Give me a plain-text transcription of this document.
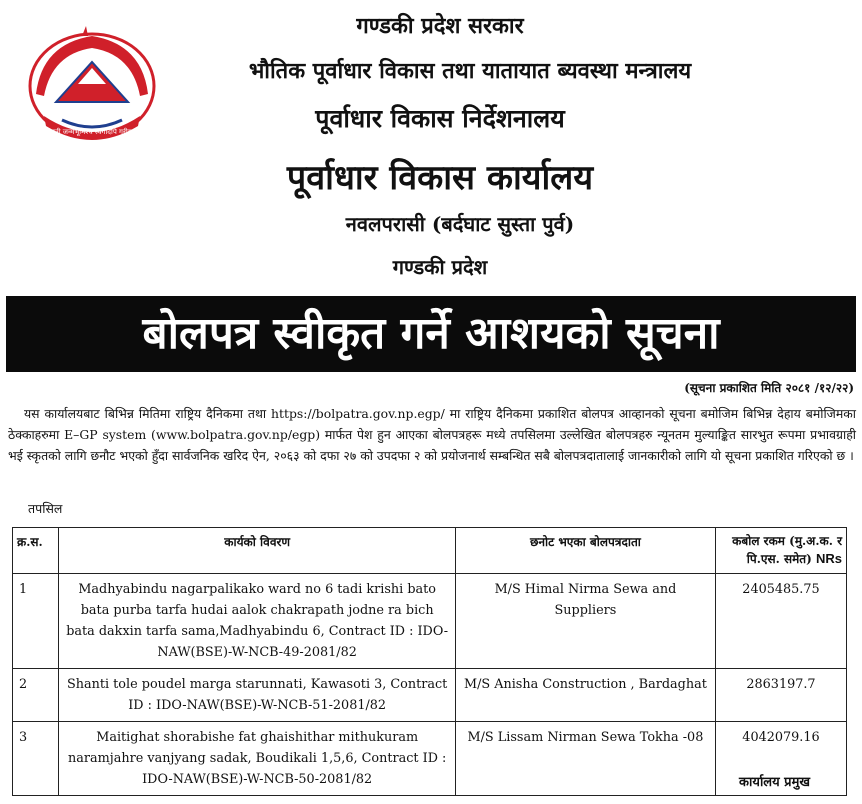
जननी जन्मभूमिश्च स्वर्गादपि गरीयसी
गण्डकी प्रदेश सरकार
भौतिक पूर्वाधार विकास तथा यातायात ब्यवस्था मन्त्रालय
पूर्वाधार विकास निर्देशनालय
पूर्वाधार विकास कार्यालय
नवलपरासी (बर्दघाट सुस्ता पुर्व)
गण्डकी प्रदेश
बोलपत्र स्वीकृत गर्ने आशयको सूचना
(सूचना प्रकाशित मिति २०८१ /१२/२२)
यस कार्यालयबाट बिभिन्न मितिमा राष्ट्रिय दैनिकमा तथा https://bolpatra.gov.np.egp/ मा राष्ट्रिय दैनिकमा प्रकाशित बोलपत्र आव्हानको सूचना बमोजिम बिभिन्न देहाय बमोजिमका ठेक्काहरुमा E–GP system (www.bolpatra.gov.np/egp) मार्फत पेश हुन आएका बोलपत्रहरू मध्ये तपसिलमा उल्लेखित बोलपत्रहरु न्यूनतम मुल्याङ्कित सारभुत रूपमा प्रभावग्राही भई स्कृतको लागि छनौट भएको हुँदा सार्वजनिक खरिद ऐन, २०६३ को दफा २७ को उपदफा २ को प्रयोजनार्थ सम्बन्धित सबै बोलपत्रदातालाई जानकारीको लागि यो सूचना प्रकाशित गरिएको छ ।
तपसिल
क्र.स.	कार्यको विवरण	छनोट भएका बोलपत्रदाता	कबोल रकम (मु.अ.क. र पि.एस. समेत) NRs
1	Madhyabindu nagarpalikako ward no 6 tadi krishi bato bata purba tarfa hudai aalok chakrapath jodne ra bich bata dakxin tarfa sama,Madhyabindu 6, Contract ID : IDO-NAW(BSE)-W-NCB-49-2081/82	M/S Himal Nirma Sewa and Suppliers	2405485.75
2	Shanti tole poudel marga starunnati, Kawasoti 3, Contract ID : IDO-NAW(BSE)-W-NCB-51-2081/82	M/S Anisha Construction , Bardaghat	2863197.7
3	Maitighat shorabishe fat ghaishithar mithukuram naramjahre vanjyang sadak, Boudikali 1,5,6, Contract ID : IDO-NAW(BSE)-W-NCB-50-2081/82	M/S Lissam Nirman Sewa Tokha -08	4042079.16
कार्यालय प्रमुख
